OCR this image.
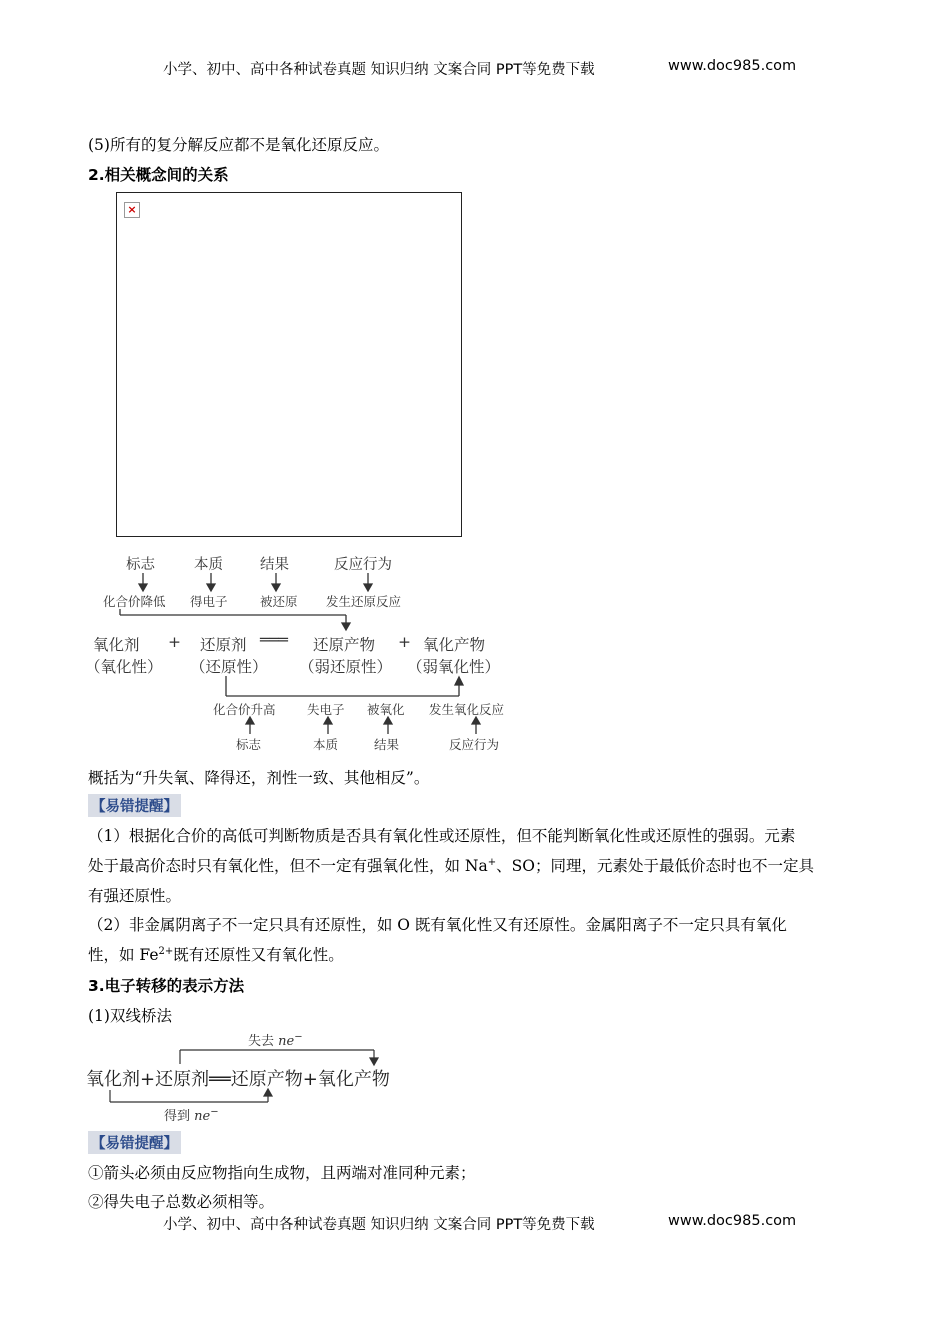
小学、初中、高中各种试卷真题 知识归纳 文案合同 PPT等免费下载	www.doc985.com
(5)所有的复分解反应都不是氧化还原反应。
2.相关概念间的关系
×
标志	本质	结果	反应行为
化合价降低 得电子	被还原 发生还原反应
氧化剂
（氧化性）
+ 还原剂
（还原性）
═══ 还原产物
（弱还原性）
+ 氧化产物
（弱氧化性）
化合价升高	失电子 被氧化 发生氧化反应
标志	本质	结果	反应行为
概括为“升失氧、降得还，剂性一致、其他相反”。
【易错提醒】
（1）根据化合价的高低可判断物质是否具有氧化性或还原性，但不能判断氧化性或还原性的强弱。元素
处于最高价态时只有氧化性，但不一定有强氧化性，如 Na+、SO；同理，元素处于最低价态时也不一定具
有强还原性。
（2）非金属阴离子不一定只具有还原性，如 O 既有氧化性又有还原性。金属阳离子不一定只具有氧化
性，如 $Fe^{2+}$既有还原性又有氧化性。
3.电子转移的表示方法
(1)双线桥法
失去 ne−
氧化剂+还原剂══还原产物+氧化产物
得到 ne−
【易错提醒】
①箭头必须由反应物指向生成物，且两端对准同种元素；
②得失电子总数必须相等。
小学、初中、高中各种试卷真题 知识归纳 文案合同 PPT等免费下载	www.doc985.com
